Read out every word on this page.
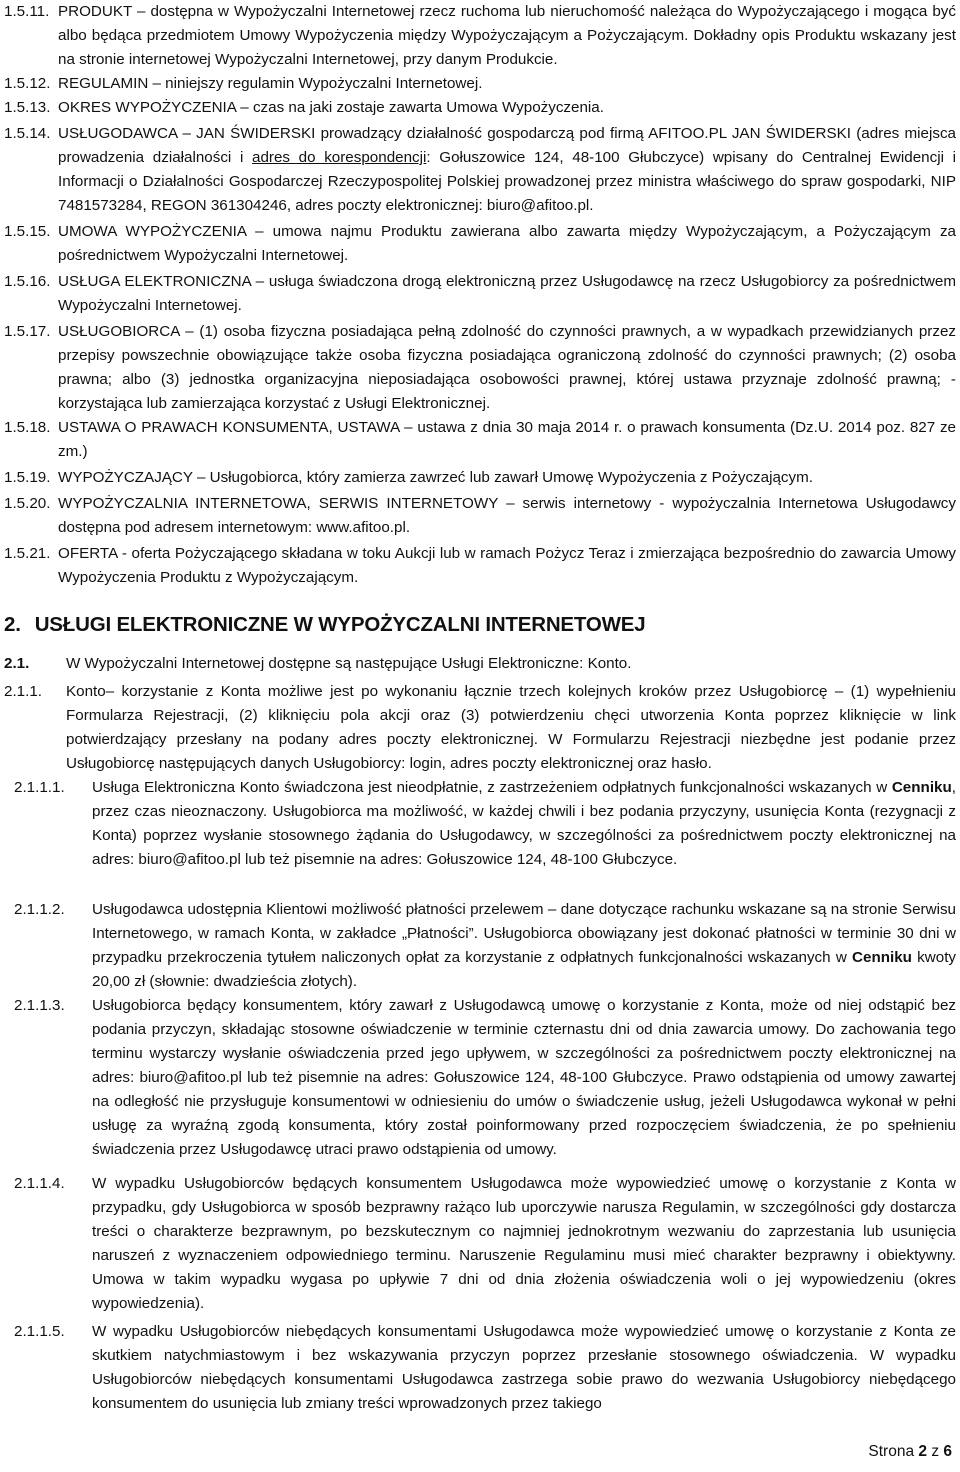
1.5.11. PRODUKT – dostępna w Wypożyczalni Internetowej rzecz ruchoma lub nieruchomość należąca do Wypożyczającego i mogąca być albo będąca przedmiotem Umowy Wypożyczenia między Wypożyczającym a Pożyczającym. Dokładny opis Produktu wskazany jest na stronie internetowej Wypożyczalni Internetowej, przy danym Produkcie.

1.5.12. REGULAMIN – niniejszy regulamin Wypożyczalni Internetowej.

1.5.13. OKRES WYPOŻYCZENIA – czas na jaki zostaje zawarta Umowa Wypożyczenia.

1.5.14. USŁUGODAWCA – JAN ŚWIDERSKI prowadzący działalność gospodarczą pod firmą AFITOO.PL JAN ŚWIDERSKI (adres miejsca prowadzenia działalności i adres do korespondencji: Gołuszowice 124, 48-100 Głubczyce) wpisany do Centralnej Ewidencji i Informacji o Działalności Gospodarczej Rzeczypospolitej Polskiej prowadzonej przez ministra właściwego do spraw gospodarki, NIP 7481573284, REGON 361304246, adres poczty elektronicznej: biuro@afitoo.pl.

1.5.15. UMOWA WYPOŻYCZENIA – umowa najmu Produktu zawierana albo zawarta między Wypożyczającym, a Pożyczającym za pośrednictwem Wypożyczalni Internetowej.

1.5.16. USŁUGA ELEKTRONICZNA – usługa świadczona drogą elektroniczną przez Usługodawcę na rzecz Usługobiorcy za pośrednictwem Wypożyczalni Internetowej.

1.5.17. USŁUGOBIORCA – (1) osoba fizyczna posiadająca pełną zdolność do czynności prawnych, a w wypadkach przewidzianych przez przepisy powszechnie obowiązujące także osoba fizyczna posiadająca ograniczoną zdolność do czynności prawnych; (2) osoba prawna; albo (3) jednostka organizacyjna nieposiadająca osobowości prawnej, której ustawa przyznaje zdolność prawną; - korzystająca lub zamierzająca korzystać z Usługi Elektronicznej.

1.5.18. USTAWA O PRAWACH KONSUMENTA, USTAWA – ustawa z dnia 30 maja 2014 r. o prawach konsumenta (Dz.U. 2014 poz. 827 ze zm.)

1.5.19. WYPOŻYCZAJĄCY – Usługobiorca, który zamierza zawrzeć lub zawarł Umowę Wypożyczenia z Pożyczającym.

1.5.20. WYPOŻYCZALNIA INTERNETOWA, SERWIS INTERNETOWY – serwis internetowy - wypożyczalnia Internetowa Usługodawcy dostępna pod adresem internetowym: www.afitoo.pl.

1.5.21. OFERTA - oferta Pożyczającego składana w toku Aukcji lub w ramach Pożycz Teraz i zmierzająca bezpośrednio do zawarcia Umowy Wypożyczenia Produktu z Wypożyczającym.

2. USŁUGI ELEKTRONICZNE W WYPOŻYCZALNI INTERNETOWEJ
2.1. W Wypożyczalni Internetowej dostępne są następujące Usługi Elektroniczne: Konto.

2.1.1. Konto– korzystanie z Konta możliwe jest po wykonaniu łącznie trzech kolejnych kroków przez Usługobiorcę – (1) wypełnieniu Formularza Rejestracji, (2) kliknięciu pola akcji oraz (3) potwierdzeniu chęci utworzenia Konta poprzez kliknięcie w link potwierdzający przesłany na podany adres poczty elektronicznej. W Formularzu Rejestracji niezbędne jest podanie przez Usługobiorcę następujących danych Usługobiorcy: login, adres poczty elektronicznej oraz hasło.

2.1.1.1. Usługa Elektroniczna Konto świadczona jest nieodpłatnie, z zastrzeżeniem odpłatnych funkcjonalności wskazanych w Cenniku, przez czas nieoznaczony. Usługobiorca ma możliwość, w każdej chwili i bez podania przyczyny, usunięcia Konta (rezygnacji z Konta) poprzez wysłanie stosownego żądania do Usługodawcy, w szczególności za pośrednictwem poczty elektronicznej na adres: biuro@afitoo.pl lub też pisemnie na adres: Gołuszowice 124, 48-100 Głubczyce.

2.1.1.2. Usługodawca udostępnia Klientowi możliwość płatności przelewem – dane dotyczące rachunku wskazane są na stronie Serwisu Internetowego, w ramach Konta, w zakładce „Płatności”. Usługobiorca obowiązany jest dokonać płatności w terminie 30 dni w przypadku przekroczenia tytułem naliczonych opłat za korzystanie z odpłatnych funkcjonalności wskazanych w Cenniku kwoty 20,00 zł (słownie: dwadzieścia złotych).

2.1.1.3. Usługobiorca będący konsumentem, który zawarł z Usługodawcą umowę o korzystanie z Konta, może od niej odstąpić bez podania przyczyn, składając stosowne oświadczenie w terminie czternastu dni od dnia zawarcia umowy. Do zachowania tego terminu wystarczy wysłanie oświadczenia przed jego upływem, w szczególności za pośrednictwem poczty elektronicznej na adres: biuro@afitoo.pl lub też pisemnie na adres: Gołuszowice 124, 48-100 Głubczyce. Prawo odstąpienia od umowy zawartej na odległość nie przysługuje konsumentowi w odniesieniu do umów o świadczenie usług, jeżeli Usługodawca wykonał w pełni usługę za wyraźną zgodą konsumenta, który został poinformowany przed rozpoczęciem świadczenia, że po spełnieniu świadczenia przez Usługodawcę utraci prawo odstąpienia od umowy.

2.1.1.4. W wypadku Usługobiorców będących konsumentem Usługodawca może wypowiedzieć umowę o korzystanie z Konta w przypadku, gdy Usługobiorca w sposób bezprawny rażąco lub uporczywie narusza Regulamin, w szczególności gdy dostarcza treści o charakterze bezprawnym, po bezskutecznym co najmniej jednokrotnym wezwaniu do zaprzestania lub usunięcia naruszeń z wyznaczeniem odpowiedniego terminu. Naruszenie Regulaminu musi mieć charakter bezprawny i obiektywny. Umowa w takim wypadku wygasa po upływie 7 dni od dnia złożenia oświadczenia woli o jej wypowiedzeniu (okres wypowiedzenia).

2.1.1.5. W wypadku Usługobiorców niebędących konsumentami Usługodawca może wypowiedzieć umowę o korzystanie z Konta ze skutkiem natychmiastowym i bez wskazywania przyczyn poprzez przesłanie stosownego oświadczenia. W wypadku Usługobiorców niebędących konsumentami Usługodawca zastrzega sobie prawo do wezwania Usługobiorcy niebędącego konsumentem do usunięcia lub zmiany treści wprowadzonych przez takiego

Strona 2 z 6
